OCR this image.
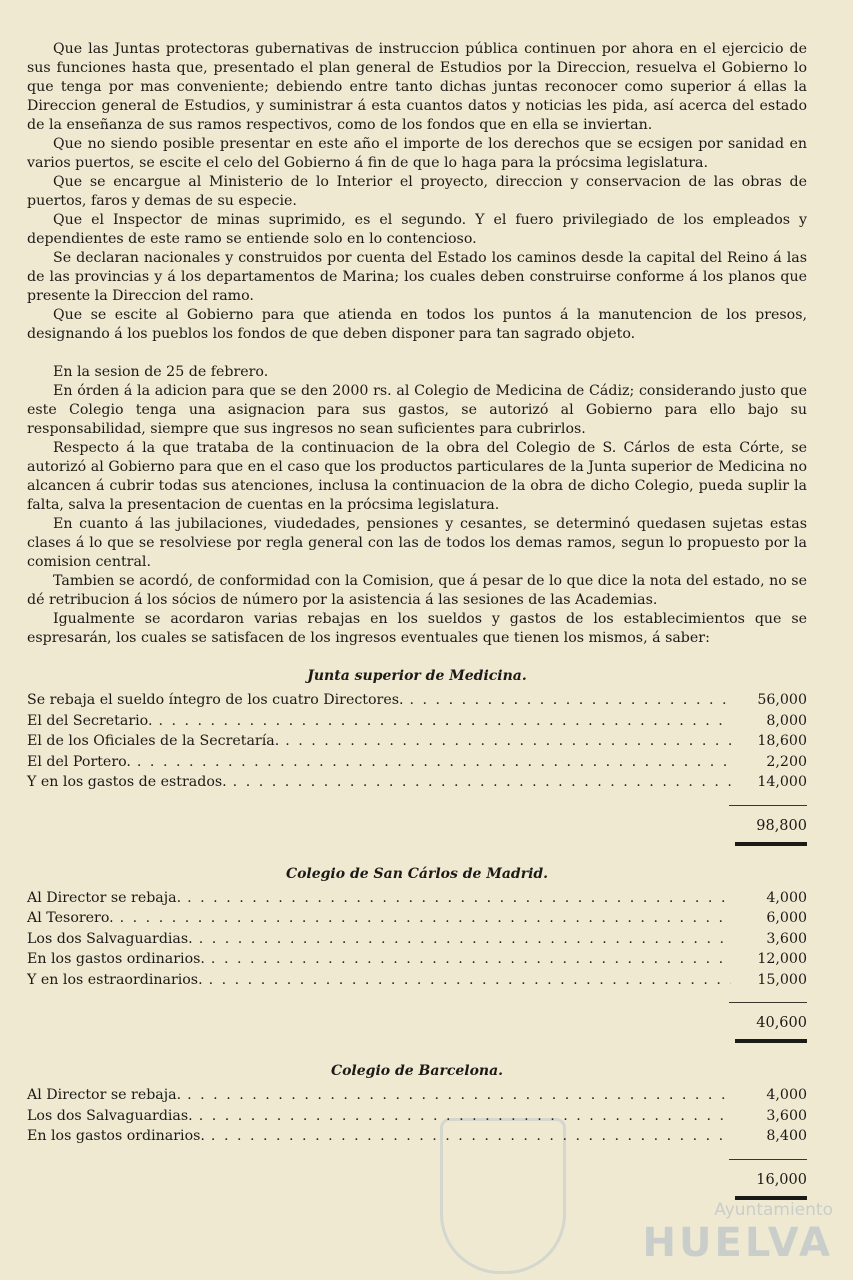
Que las Juntas protectoras gubernativas de instruccion pública continuen por ahora en el ejercicio de sus funciones hasta que, presentado el plan general de Estudios por la Direccion, resuelva el Gobierno lo que tenga por mas conveniente; debiendo entre tanto dichas juntas reconocer como superior á ellas la Direccion general de Estudios, y suministrar á esta cuantos datos y noticias les pida, así acerca del estado de la enseñanza de sus ramos respectivos, como de los fondos que en ella se inviertan.

Que no siendo posible presentar en este año el importe de los derechos que se ecsigen por sanidad en varios puertos, se escite el celo del Gobierno á fin de que lo haga para la prócsima legislatura.

Que se encargue al Ministerio de lo Interior el proyecto, direccion y conservacion de las obras de puertos, faros y demas de su especie.

Que el Inspector de minas suprimido, es el segundo. Y el fuero privilegiado de los empleados y dependientes de este ramo se entiende solo en lo contencioso.

Se declaran nacionales y construidos por cuenta del Estado los caminos desde la capital del Reino á las de las provincias y á los departamentos de Marina; los cuales deben construirse conforme á los planos que presente la Direccion del ramo.

Que se escite al Gobierno para que atienda en todos los puntos á la manutencion de los presos, designando á los pueblos los fondos de que deben disponer para tan sagrado objeto.

En la sesion de 25 de febrero.

En órden á la adicion para que se den 2000 rs. al Colegio de Medicina de Cádiz; considerando justo que este Colegio tenga una asignacion para sus gastos, se autorizó al Gobierno para ello bajo su responsabilidad, siempre que sus ingresos no sean suficientes para cubrirlos.

Respecto á la que trataba de la continuacion de la obra del Colegio de S. Cárlos de esta Córte, se autorizó al Gobierno para que en el caso que los productos particulares de la Junta superior de Medicina no alcancen á cubrir todas sus atenciones, inclusa la continuacion de la obra de dicho Colegio, pueda suplir la falta, salva la presentacion de cuentas en la prócsima legislatura.

En cuanto á las jubilaciones, viudedades, pensiones y cesantes, se determinó quedasen sujetas estas clases á lo que se resolviese por regla general con las de todos los demas ramos, segun lo propuesto por la comision central.

Tambien se acordó, de conformidad con la Comision, que á pesar de lo que dice la nota del estado, no se dé retribucion á los sócios de número por la asistencia á las sesiones de las Academias.

Igualmente se acordaron varias rebajas en los sueldos y gastos de los establecimientos que se espresarán, los cuales se satisfacen de los ingresos eventuales que tienen los mismos, á saber:

Junta superior de Medicina.

Se rebaja el sueldo íntegro de los cuatro Directores. . . .	56,000
El del Secretario. . . .	8,000
El de los Oficiales de la Secretaría. . . .	18,600
El del Portero. . . .	2,200
Y en los gastos de estrados. . . .	14,000
98,800

Colegio de San Cárlos de Madrid.

Al Director se rebaja. . . .	4,000
Al Tesorero. . . .	6,000
Los dos Salvaguardias. . . .	3,600
En los gastos ordinarios. . . .	12,000
Y en los estraordinarios. . . .	15,000
40,600

Colegio de Barcelona.

Al Director se rebaja. . . .	4,000
Los dos Salvaguardias. . . .	3,600
En los gastos ordinarios. . . .	8,400
16,000
Ayuntamiento
HUELVA
